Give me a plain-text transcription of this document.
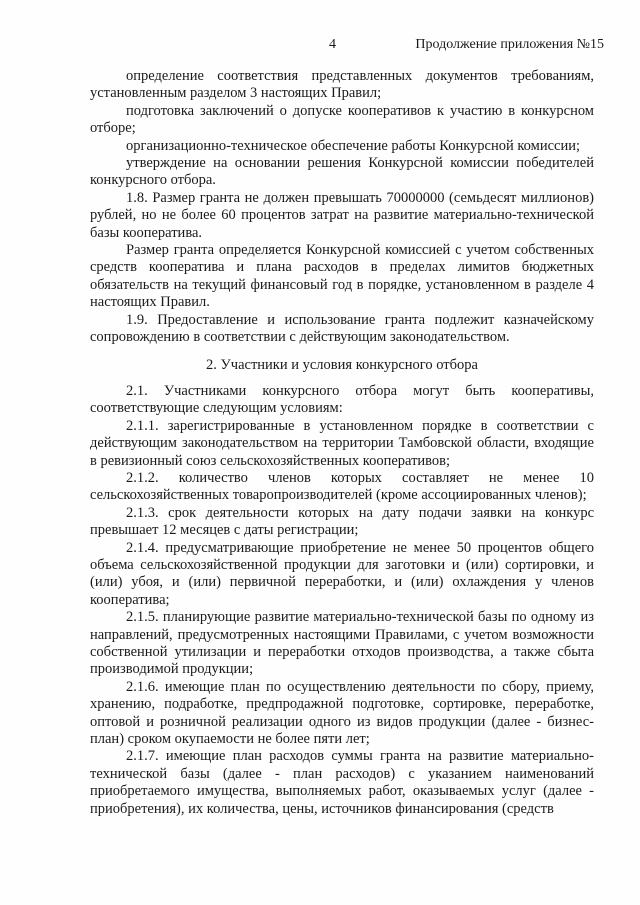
4	Продолжение приложения №15

определение соответствия представленных документов требованиям, установленным разделом 3 настоящих Правил;

подготовка заключений о допуске кооперативов к участию в конкурсном отборе;

организационно-техническое обеспечение работы Конкурсной комиссии;

утверждение на основании решения Конкурсной комиссии победителей конкурсного отбора.

1.8. Размер гранта не должен превышать 70000000 (семьдесят миллионов) рублей, но не более 60 процентов затрат на развитие материально-технической базы кооператива.

Размер гранта определяется Конкурсной комиссией с учетом собственных средств кооператива и плана расходов в пределах лимитов бюджетных обязательств на текущий финансовый год в порядке, установленном в разделе 4 настоящих Правил.

1.9. Предоставление и использование гранта подлежит казначейскому сопровождению в соответствии с действующим законодательством.

2. Участники и условия конкурсного отбора

2.1. Участниками конкурсного отбора могут быть кооперативы, соответствующие следующим условиям:

2.1.1. зарегистрированные в установленном порядке в соответствии с действующим законодательством на территории Тамбовской области, входящие в ревизионный союз сельскохозяйственных кооперативов;

2.1.2. количество членов которых составляет не менее 10 сельскохозяйственных товаропроизводителей (кроме ассоциированных членов);

2.1.3. срок деятельности которых на дату подачи заявки на конкурс превышает 12 месяцев с даты регистрации;

2.1.4. предусматривающие приобретение не менее 50 процентов общего объема сельскохозяйственной продукции для заготовки и (или) сортировки, и (или) убоя, и (или) первичной переработки, и (или) охлаждения у членов кооператива;

2.1.5. планирующие развитие материально-технической базы по одному из направлений, предусмотренных настоящими Правилами, с учетом возможности собственной утилизации и переработки отходов производства, а также сбыта производимой продукции;

2.1.6. имеющие план по осуществлению деятельности по сбору, приему, хранению, подработке, предпродажной подготовке, сортировке, переработке, оптовой и розничной реализации одного из видов продукции (далее - бизнес-план) сроком окупаемости не более пяти лет;

2.1.7. имеющие план расходов суммы гранта на развитие материально-технической базы (далее - план расходов) с указанием наименований приобретаемого имущества, выполняемых работ, оказываемых услуг (далее - приобретения), их количества, цены, источников финансирования (средств
